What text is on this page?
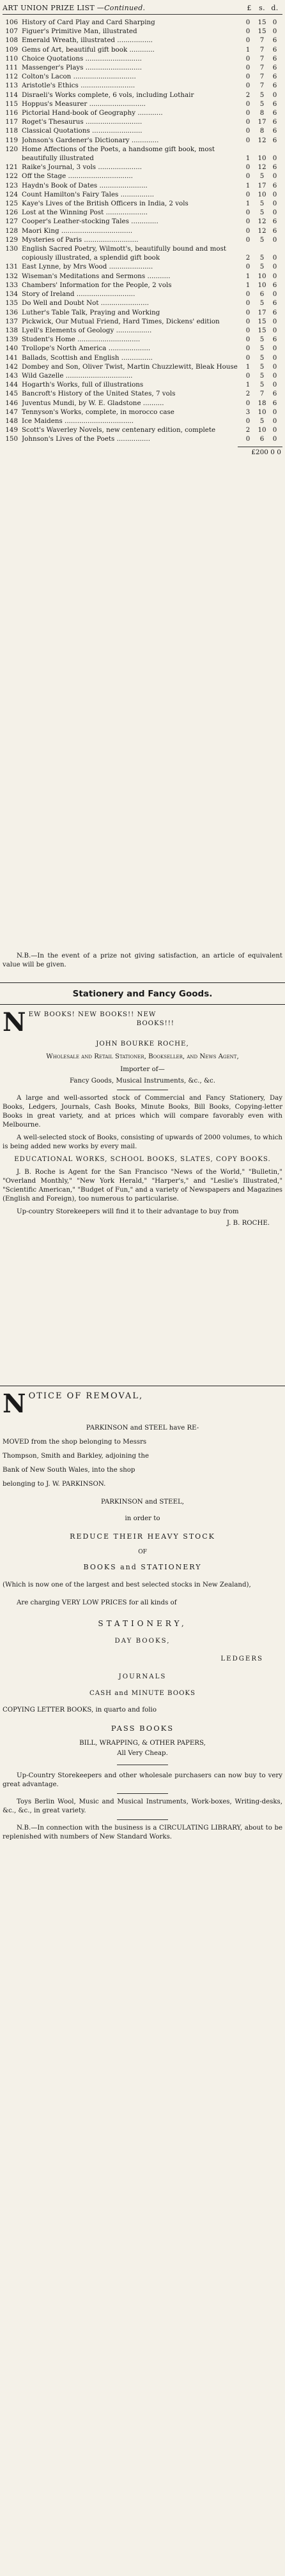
ART UNION PRIZE LIST —Continued.	£ s. d.
106 History of Card Play and Card Sharping	0	15 0
107 Figuer's Primitive Man, illustrated	0	15 0
108 Emerald Wreath, illustrated .................	0	7	6
109 Gems of Art, beautiful gift book ............	1	7	6
110 Choice Quotations ...........................	0	7	6
111 Massenger's Plays ...........................	0	7	6
112 Colton's Lacon ..............................	0	7	6
113 Aristotle's Ethics ..........................	0	7	6
114 Disraeli's Works complete, 6 vols, including Lothair	2	5	0
115 Hoppus's Measurer ...........................	0	5	6
116 Pictorial Hand-book of Geography ............	0	8	6
117 Roget's Thesaurus ...........................	0	17 6
118 Classical Quotations ........................	0	8	6
119 Johnson's Gardener's Dictionary .............	0	12 6
120 Home Affections of the Poets, a handsome gift book, most beautifully illustrated	1	10 0
121 Raike's Journal, 3 vols .....................	0	12 6
122 Off the Stage ...............................	0	5	0
123 Haydn's Book of Dates .......................	1	17 6
124 Count Hamilton's Fairy Tales ................	0	10 0
125 Kaye's Lives of the British Officers in India, 2 vols	1	5	0
126 Lost at the Winning Post ....................	0	5	0
127 Cooper's Leather-stocking Tales .............	0	12 6
128 Maori King ..................................	0	12 6
129 Mysteries of Paris ..........................	0	5	0
130 English Sacred Poetry, Wilmott's, beautifully bound and most copiously illustrated, a splendid gift book	2	5	0
131 East Lynne, by Mrs Wood .....................	0	5	0
132 Wiseman's Meditations and Sermons ...........	1	10 0
133 Chambers' Information for the People, 2 vols	1	10 6
134 Story of Ireland ............................	0	6	0
135 Do Well and Doubt Not .......................	0	5	6
136 Luther's Table Talk, Praying and Working	0	17 6
137 Pickwick, Our Mutual Friend, Hard Times, Dickens' edition	0	15 0
138 Lyell's Elements of Geology .................	0	15 0
139 Student's Home ..............................	0	5	6
140 Trollope's North America ....................	0	5	0
141 Ballads, Scottish and English ...............	0	5	0
142 Dombey and Son, Oliver Twist, Martin Chuzzlewitt, Bleak House	1	5	0
143 Wild Gazelle ................................	0	5	0
144 Hogarth's Works, full of illustrations	1	5	0
145 Bancroft's History of the United States, 7 vols	2	7	6
146 Juventus Mundi, by W. E. Gladstone ..........	0	18 6
147 Tennyson's Works, complete, in morocco case	3	10 0
148 Ice Maidens .................................	0	5	0
149 Scott's Waverley Novels, new centenary edition, complete	2	10 0
150 Johnson's Lives of the Poets ................	0	6	0
£200 0 0
N.B.—In the event of a prize not giving satisfaction, an article of equivalent value will be given.
Stationery and Fancy Goods.

NEW BOOKS! NEW BOOKS!! NEW

BOOKS!!!

JOHN BOURKE ROCHE,

Wholesale and Retail Stationer, Bookseller, and News Agent,

Importer of—

Fancy Goods, Musical Instruments, &c., &c.

A large and well-assorted stock of Commercial and Fancy Stationery, Day Books, Ledgers, Journals, Cash Books, Minute Books, Bill Books, Copying-letter Books in great variety, and at prices which will compare favorably even with Melbourne.

A well-selected stock of Books, consisting of upwards of 2000 volumes, to which is being added new works by every mail.

EDUCATIONAL WORKS, SCHOOL BOOKS, SLATES, COPY BOOKS.

J. B. Roche is Agent for the San Francisco "News of the World," "Bulletin," "Overland Monthly," "New York Herald," "Harper's," and "Leslie's Illustrated," "Scientific American," "Budget of Fun," and a variety of Newspapers and Magazines (English and Foreign), too numerous to particularise.

Up-country Storekeepers will find it to their advantage to buy from

J. B. ROCHE.

NOTICE OF REMOVAL,

PARKINSON and STEEL have RE-

MOVED from the shop belonging to Messrs

Thompson, Smith and Barkley, adjoining the

Bank of New South Wales, into the shop

belonging to J. W. PARKINSON.

PARKINSON and STEEL,

in order to

REDUCE THEIR HEAVY STOCK

OF

BOOKS and STATIONERY

(Which is now one of the largest and best selected stocks in New Zealand),

Are charging VERY LOW PRICES for all kinds of

STATIONERY,

DAY BOOKS,

LEDGERS

JOURNALS

CASH and MINUTE BOOKS

COPYING LETTER BOOKS, in quarto and folio

PASS BOOKS

BILL, WRAPPING, & OTHER PAPERS,

All Very Cheap.

Up-Country Storekeepers and other wholesale purchasers can now buy to very great advantage.

Toys Berlin Wool, Music and Musical Instruments, Work-boxes, Writing-desks, &c., &c., in great variety.

N.B.—In connection with the business is a CIRCULATING LIBRARY, about to be replenished with numbers of New Standard Works.
